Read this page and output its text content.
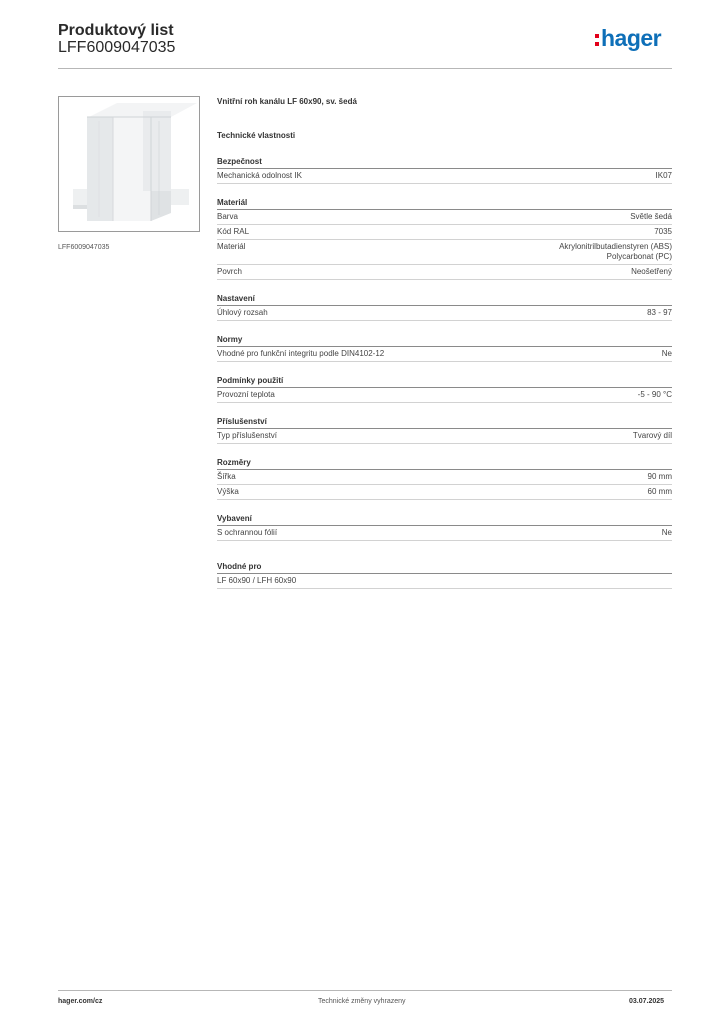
Produktový list
LFF6009047035	hager
LFF6009047035
Vnitřní roh kanálu LF 60x90, sv. šedá
Technické vlastnosti
Bezpečnost
Mechanická odolnost IK	IK07
Materiál
Barva	Světle šedá
Kód RAL	7035
Materiál	Akrylonitrilbutadienstyren (ABS)
Polycarbonat (PC)
Povrch	Neošetřený
Nastavení
Úhlový rozsah	83 - 97
Normy
Vhodné pro funkční integritu podle DIN4102-12	Ne
Podmínky použití
Provozní teplota	-5 - 90 °C
Příslušenství
Typ příslušenství	Tvarový díl
Rozměry
Šířka	90 mm
Výška	60 mm
Vybavení
S ochrannou fólií	Ne
Vhodné pro
LF 60x90 / LFH 60x90
hager.com/cz	Technické změny vyhrazeny	03.07.2025
